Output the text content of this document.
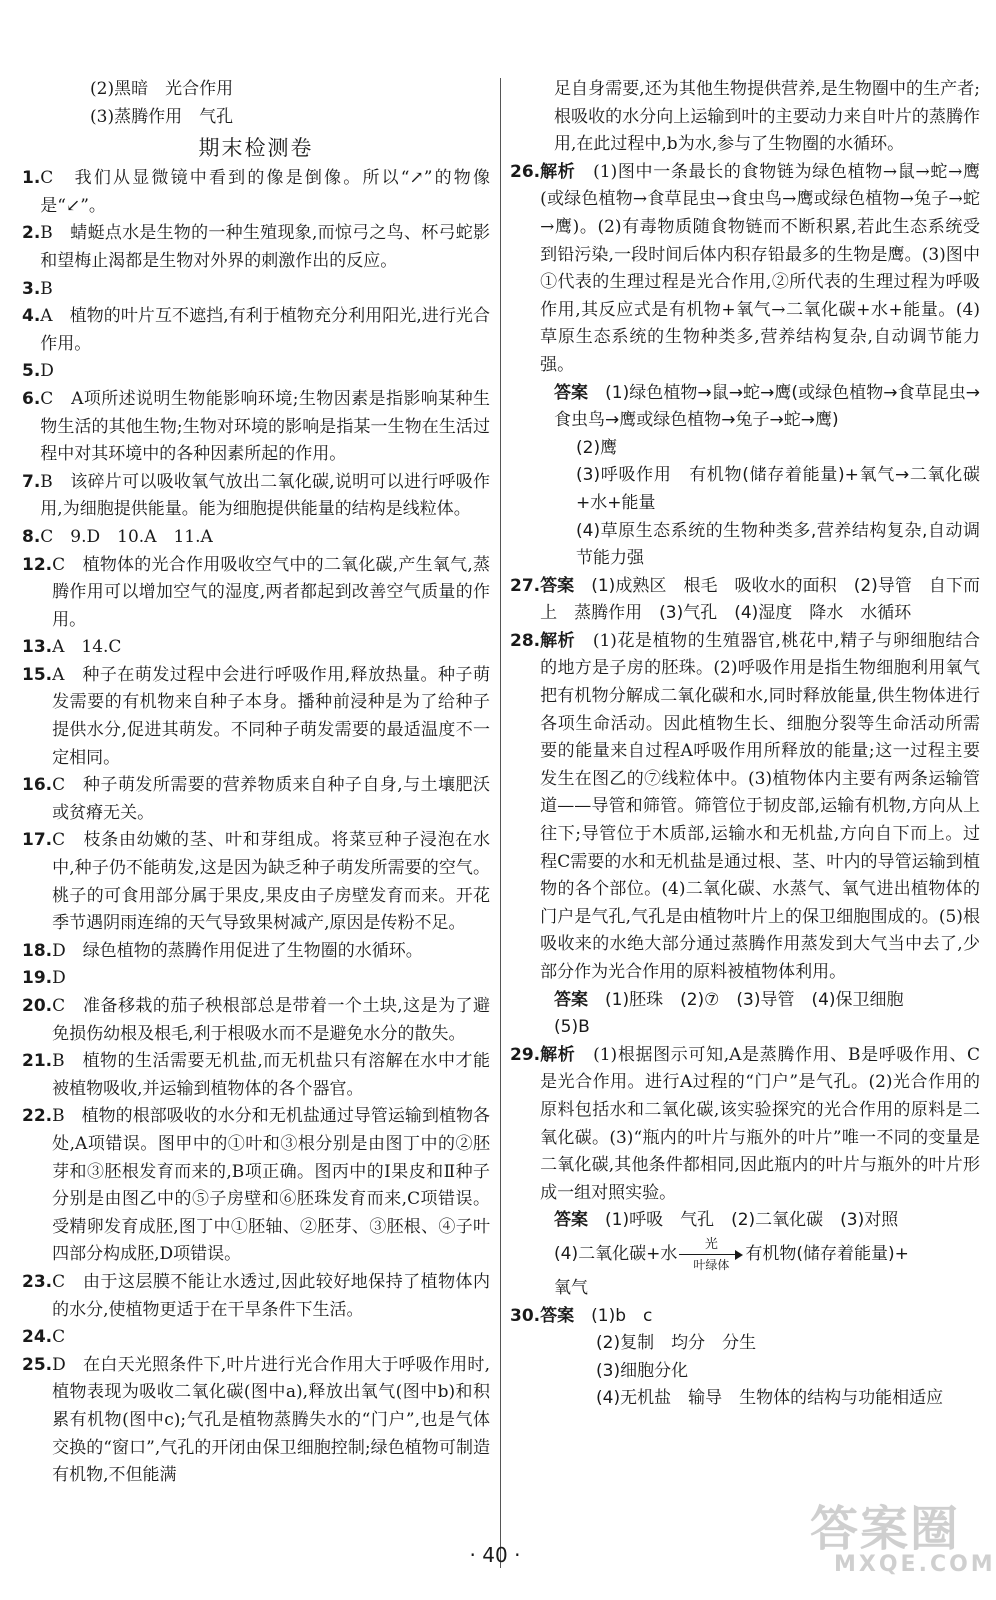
(2)黑暗　光合作用
(3)蒸腾作用　气孔
期末检测卷
1. C　我们从显微镜中看到的像是倒像。所以“↗”的物像是“↙”。
2. B　蜻蜓点水是生物的一种生殖现象,而惊弓之鸟、杯弓蛇影和望梅止渴都是生物对外界的刺激作出的反应。
3. B
4. A　植物的叶片互不遮挡,有利于植物充分利用阳光,进行光合作用。
5. D
6. C　A项所述说明生物能影响环境;生物因素是指影响某种生物生活的其他生物;生物对环境的影响是指某一生物在生活过程中对其环境中的各种因素所起的作用。
7. B　该碎片可以吸收氧气放出二氧化碳,说明可以进行呼吸作用,为细胞提供能量。能为细胞提供能量的结构是线粒体。
8. C　9.D　10.A　11.A
12. C　植物体的光合作用吸收空气中的二氧化碳,产生氧气,蒸腾作用可以增加空气的湿度,两者都起到改善空气质量的作用。
13. A　14.C
15. A　种子在萌发过程中会进行呼吸作用,释放热量。种子萌发需要的有机物来自种子本身。播种前浸种是为了给种子提供水分,促进其萌发。不同种子萌发需要的最适温度不一定相同。
16. C　种子萌发所需要的营养物质来自种子自身,与土壤肥沃或贫瘠无关。
17. C　枝条由幼嫩的茎、叶和芽组成。将菜豆种子浸泡在水中,种子仍不能萌发,这是因为缺乏种子萌发所需要的空气。桃子的可食用部分属于果皮,果皮由子房壁发育而来。开花季节遇阴雨连绵的天气导致果树减产,原因是传粉不足。
18. D　绿色植物的蒸腾作用促进了生物圈的水循环。
19. D
20. C　准备移栽的茄子秧根部总是带着一个土块,这是为了避免损伤幼根及根毛,利于根吸水而不是避免水分的散失。
21. B　植物的生活需要无机盐,而无机盐只有溶解在水中才能被植物吸收,并运输到植物体的各个器官。
22. B　植物的根部吸收的水分和无机盐通过导管运输到植物各处,A项错误。图甲中的①叶和③根分别是由图丁中的②胚芽和③胚根发育而来的,B项正确。图丙中的Ⅰ果皮和Ⅱ种子分别是由图乙中的⑤子房壁和⑥胚珠发育而来,C项错误。受精卵发育成胚,图丁中①胚轴、②胚芽、③胚根、④子叶四部分构成胚,D项错误。
23. C　由于这层膜不能让水透过,因此较好地保持了植物体内的水分,使植物更适于在干旱条件下生活。
24. C
25. D　在白天光照条件下,叶片进行光合作用大于呼吸作用时,植物表现为吸收二氧化碳(图中a),释放出氧气(图中b)和积累有机物(图中c);气孔是植物蒸腾失水的“门户”,也是气体交换的“窗口”,气孔的开闭由保卫细胞控制;绿色植物可制造有机物,不但能满
足自身需要,还为其他生物提供营养,是生物圈中的生产者;根吸收的水分向上运输到叶的主要动力来自叶片的蒸腾作用,在此过程中,b为水,参与了生物圈的水循环。
26. 解析　 (1)图中一条最长的食物链为绿色植物→鼠→蛇→鹰(或绿色植物→食草昆虫→食虫鸟→鹰或绿色植物→兔子→蛇→鹰)。(2)有毒物质随食物链而不断积累,若此生态系统受到铅污染,一段时间后体内积存铅最多的生物是鹰。(3)图中①代表的生理过程是光合作用,②所代表的生理过程为呼吸作用,其反应式是有机物+氧气→二氧化碳+水+能量。(4)草原生态系统的生物种类多,营养结构复杂,自动调节能力强。
答案　 (1)绿色植物→鼠→蛇→鹰(或绿色植物→食草昆虫→食虫鸟→鹰或绿色植物→兔子→蛇→鹰)
(2)鹰
(3)呼吸作用　有机物(储存着能量)+氧气→二氧化碳+水+能量
(4)草原生态系统的生物种类多,营养结构复杂,自动调节能力强
27. 答案　 (1)成熟区　根毛　吸收水的面积　(2)导管　自下而上　蒸腾作用　(3)气孔　(4)湿度　降水　水循环
28. 解析　 (1)花是植物的生殖器官,桃花中,精子与卵细胞结合的地方是子房的胚珠。(2)呼吸作用是指生物细胞利用氧气把有机物分解成二氧化碳和水,同时释放能量,供生物体进行各项生命活动。因此植物生长、细胞分裂等生命活动所需要的能量来自过程A呼吸作用所释放的能量;这一过程主要发生在图乙的⑦线粒体中。(3)植物体内主要有两条运输管道——导管和筛管。筛管位于韧皮部,运输有机物,方向从上往下;导管位于木质部,运输水和无机盐,方向自下而上。过程C需要的水和无机盐是通过根、茎、叶内的导管运输到植物的各个部位。(4)二氧化碳、水蒸气、氧气进出植物体的门户是气孔,气孔是由植物叶片上的保卫细胞围成的。(5)根吸收来的水绝大部分通过蒸腾作用蒸发到大气当中去了,少部分作为光合作用的原料被植物体利用。
答案　 (1)胚珠　(2)⑦　(3)导管　(4)保卫细胞
(5)B
29. 解析　 (1)根据图示可知,A是蒸腾作用、B是呼吸作用、C是光合作用。进行A过程的“门户”是气孔。(2)光合作用的原料包括水和二氧化碳,该实验探究的光合作用的原料是二氧化碳。(3)“瓶内的叶片与瓶外的叶片”唯一不同的变量是二氧化碳,其他条件都相同,因此瓶内的叶片与瓶外的叶片形成一组对照实验。
答案　 (1)呼吸　气孔　(2)二氧化碳　(3)对照
(4)二氧化碳+水	光
叶绿体
有机物(储存着能量)+
氧气
30. 答案　 (1)b　c
(2)复制　均分　分生
(3)细胞分化
(4)无机盐　输导　生物体的结构与功能相适应
· 40 ·	答案圈
MXQE.COM
